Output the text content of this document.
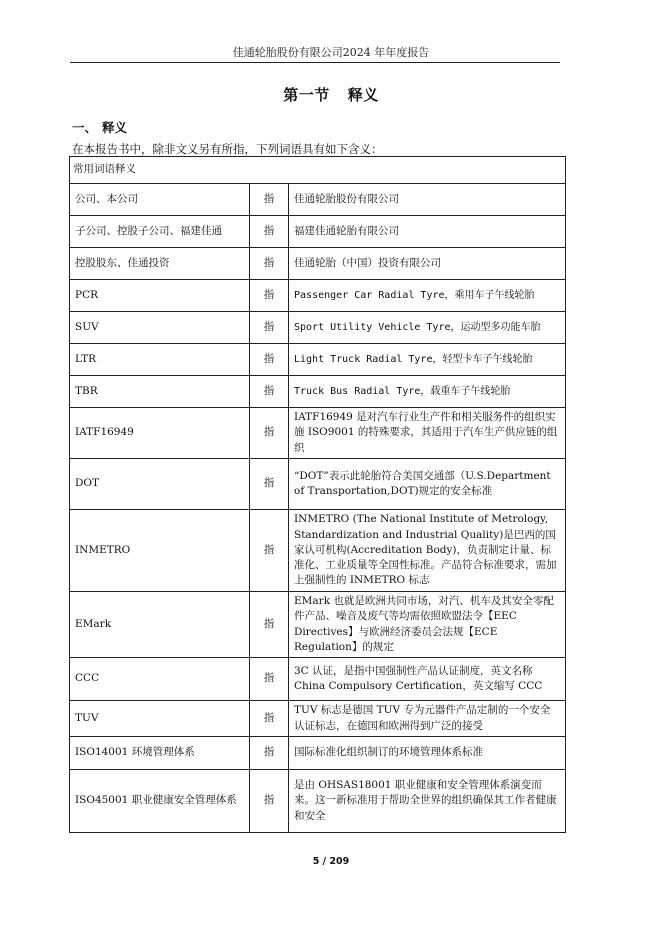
佳通轮胎股份有限公司2024 年年度报告
第一节 释义
一、 释义
在本报告书中，除非文义另有所指，下列词语具有如下含义：
常用词语释义		
公司、本公司	指	佳通轮胎股份有限公司
子公司、控股子公司、福建佳通	指	福建佳通轮胎有限公司
控股股东、佳通投资	指	佳通轮胎（中国）投资有限公司
PCR	指	Passenger Car Radial Tyre，乘用车子午线轮胎
SUV	指	Sport Utility Vehicle Tyre，运动型多功能车胎
LTR	指	Light Truck Radial Tyre，轻型卡车子午线轮胎
TBR	指	Truck Bus Radial Tyre，载重车子午线轮胎
IATF16949	指	IATF16949 是对汽车行业生产件和相关服务件的组织实施 ISO9001 的特殊要求，其适用于汽车生产供应链的组织
DOT	指	“DOT”表示此轮胎符合美国交通部（U.S.Department of Transportation,DOT)规定的安全标准
INMETRO	指	INMETRO (The National Institute of Metrology, Standardization and Industrial Quality)是巴西的国家认可机构(Accreditation Body)，负责制定计量、标准化、工业质量等全国性标准。产品符合标准要求，需加上强制性的 INMETRO 标志
EMark	指	EMark 也就是欧洲共同市场，对汽、机车及其安全零配件产品、噪音及废气等均需依照欧盟法令【EEC Directives】与欧洲经济委员会法规【ECE Regulation】的规定
CCC	指	3C 认证，是指中国强制性产品认证制度，英文名称 China Compulsory Certification，英文缩写 CCC
TUV	指	TUV 标志是德国 TUV 专为元器件产品定制的一个安全认证标志，在德国和欧洲得到广泛的接受
ISO14001 环境管理体系	指	国际标准化组织制订的环境管理体系标准
ISO45001 职业健康安全管理体系	指	是由 OHSAS18001 职业健康和安全管理体系演变而来。这一新标准用于帮助全世界的组织确保其工作者健康和安全
5 / 209
